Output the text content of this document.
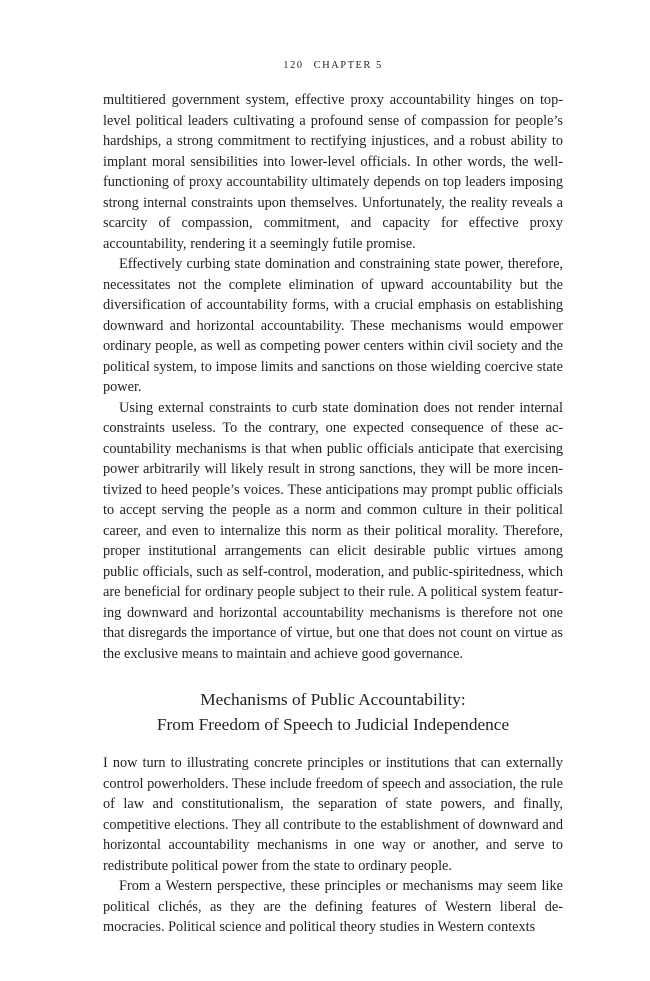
120 CHAPTER 5

multitiered government system, effective proxy accountability hinges on top-level political leaders cultivating a profound sense of compassion for people’s hardships, a strong commitment to rectifying injustices, and a robust ability to implant moral sensibilities into lower-level officials. In other words, the well-functioning of proxy accountability ultimately depends on top leaders imposing strong internal constraints upon themselves. Unfortunately, the reality reveals a scarcity of compassion, commitment, and capacity for effective proxy accountability, rendering it a seemingly futile promise.

Effectively curbing state domination and constraining state power, therefore, necessitates not the complete elimination of upward accountability but the diversification of accountability forms, with a crucial emphasis on establishing downward and horizontal accountability. These mechanisms would empower ordinary people, as well as competing power centers within civil society and the political system, to impose limits and sanctions on those wielding coercive state power.

Using external constraints to curb state domination does not render internal constraints useless. To the contrary, one expected consequence of these accountability mechanisms is that when public officials anticipate that exercising power arbitrarily will likely result in strong sanctions, they will be more incentivized to heed people’s voices. These anticipations may prompt public officials to accept serving the people as a norm and common culture in their political career, and even to internalize this norm as their political morality. Therefore, proper institutional arrangements can elicit desirable public virtues among public officials, such as self-control, moderation, and public-spiritedness, which are beneficial for ordinary people subject to their rule. A political system featuring downward and horizontal accountability mechanisms is therefore not one that disregards the importance of virtue, but one that does not count on virtue as the exclusive means to maintain and achieve good governance.

Mechanisms of Public Accountability:
From Freedom of Speech to Judicial Independence

I now turn to illustrating concrete principles or institutions that can externally control powerholders. These include freedom of speech and association, the rule of law and constitutionalism, the separation of state powers, and finally, competitive elections. They all contribute to the establishment of downward and horizontal accountability mechanisms in one way or another, and serve to redistribute political power from the state to ordinary people.

From a Western perspective, these principles or mechanisms may seem like political clichés, as they are the defining features of Western liberal democracies. Political science and political theory studies in Western contexts
